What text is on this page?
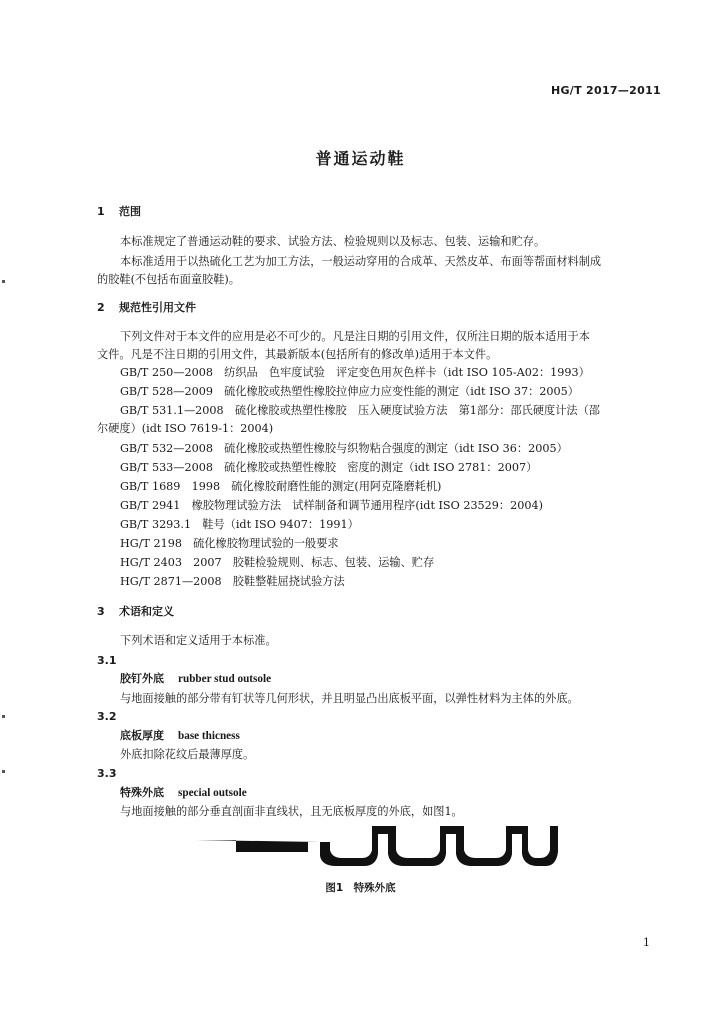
HG/T 2017—2011
普通运动鞋
1 范围
本标准规定了普通运动鞋的要求、试验方法、检验规则以及标志、包装、运输和贮存。
本标准适用于以热硫化工艺为加工方法，一般运动穿用的合成革、天然皮革、布面等帮面材料制成
的胶鞋(不包括布面童胶鞋)。
2 规范性引用文件
下列文件对于本文件的应用是必不可少的。凡是注日期的引用文件，仅所注日期的版本适用于本
文件。凡是不注日期的引用文件，其最新版本(包括所有的修改单)适用于本文件。
GB/T 250—2008　纺织品　色牢度试验　评定变色用灰色样卡（idt ISO 105-A02：1993）
GB/T 528—2009　硫化橡胶或热塑性橡胶拉伸应力应变性能的测定（idt ISO 37：2005）
GB/T 531.1—2008　硫化橡胶或热塑性橡胶　压入硬度试验方法　第1部分：邵氏硬度计法（邵
尔硬度）(idt ISO 7619-1：2004)
GB/T 532—2008　硫化橡胶或热塑性橡胶与织物粘合强度的测定（idt ISO 36：2005）
GB/T 533—2008　硫化橡胶或热塑性橡胶　密度的测定（idt ISO 2781：2007）
GB/T 1689　1998　硫化橡胶耐磨性能的测定(用阿克隆磨耗机)
GB/T 2941　橡胶物理试验方法　试样制备和调节通用程序(idt ISO 23529：2004)
GB/T 3293.1　鞋号（idt ISO 9407：1991）
HG/T 2198　硫化橡胶物理试验的一般要求
HG/T 2403　2007　胶鞋检验规则、标志、包装、运输、贮存
HG/T 2871—2008　胶鞋整鞋屈挠试验方法
3 术语和定义
下列术语和定义适用于本标准。
3.1
胶钉外底 rubber stud outsole
与地面接触的部分带有钉状等几何形状，并且明显凸出底板平面，以弹性材料为主体的外底。
3.2
底板厚度 base thicness
外底扣除花纹后最薄厚度。
3.3
特殊外底 special outsole
与地面接触的部分垂直剖面非直线状，且无底板厚度的外底，如图1。
图1　特殊外底
1
